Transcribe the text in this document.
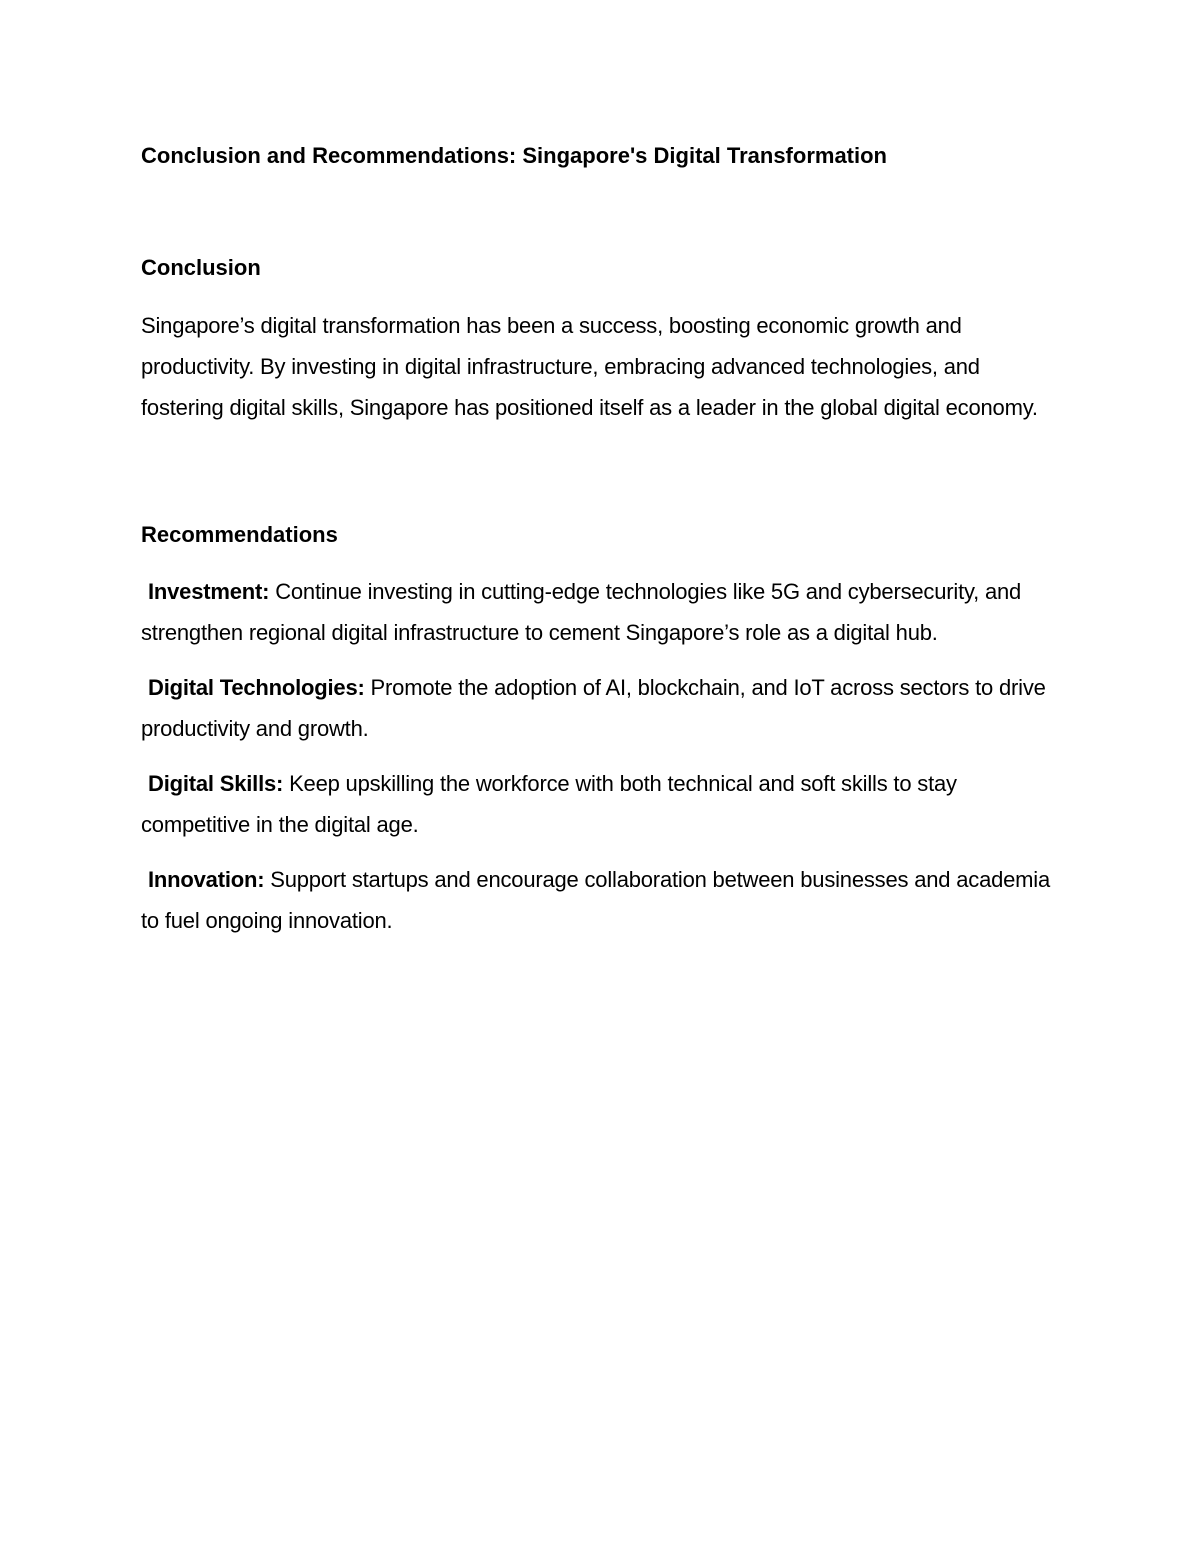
Conclusion and Recommendations: Singapore's Digital Transformation
Conclusion

Singapore’s digital transformation has been a success, boosting economic growth and productivity. By investing in digital infrastructure, embracing advanced technologies, and fostering digital skills, Singapore has positioned itself as a leader in the global digital economy.

Recommendations
Investment: Continue investing in cutting-edge technologies like 5G and cybersecurity, and strengthen regional digital infrastructure to cement Singapore’s role as a digital hub.
Digital Technologies: Promote the adoption of AI, blockchain, and IoT across sectors to drive productivity and growth.
Digital Skills: Keep upskilling the workforce with both technical and soft skills to stay competitive in the digital age.
Innovation: Support startups and encourage collaboration between businesses and academia to fuel ongoing innovation.
